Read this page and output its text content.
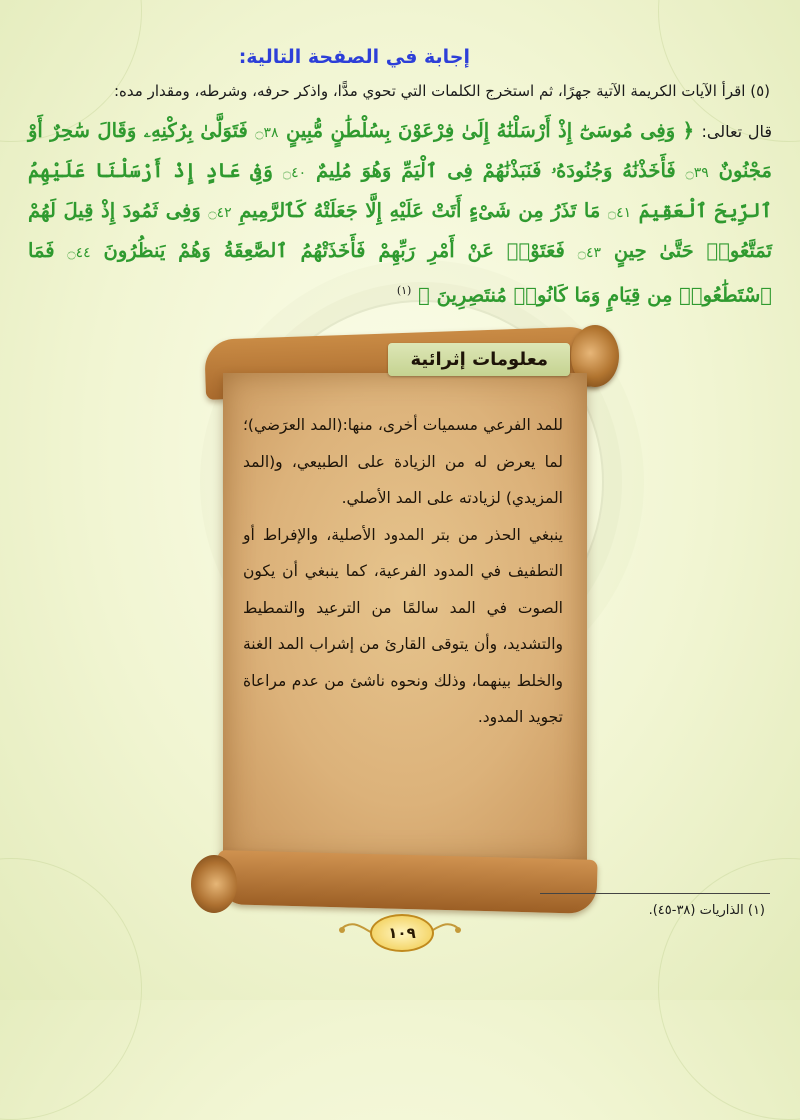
إجابة في الصفحة التالية:
(٥) اقرأ الآيات الكريمة الآتية جهرًا، ثم استخرج الكلمات التي تحوي مدًّا، واذكر حرفه، وشرطه، ومقدار مده:
قال تعالى: ﴿ وَفِى مُوسَىٰٓ إِذْ أَرْسَلْنَٰهُ إِلَىٰ فِرْعَوْنَ بِسُلْطَٰنٍ مُّبِينٍ ۝٣٨ فَتَوَلَّىٰ بِرُكْنِهِۦ وَقَالَ سَٰحِرٌ أَوْ مَجْنُونٌ ۝٣٩ فَأَخَذْنَٰهُ وَجُنُودَهُۥ فَنَبَذْنَٰهُمْ فِى ٱلْيَمِّ وَهُوَ مُلِيمٌ ۝٤٠ وَفِى عَادٍ إِذْ أَرْسَلْنَا عَلَيْهِمُ ٱلرِّيحَ ٱلْعَقِيمَ ۝٤١ مَا تَذَرُ مِن شَىْءٍ أَتَتْ عَلَيْهِ إِلَّا جَعَلَتْهُ كَٱلرَّمِيمِ ۝٤٢ وَفِى ثَمُودَ إِذْ قِيلَ لَهُمْ تَمَتَّعُوا۟ حَتَّىٰ حِينٍ ۝٤٣ فَعَتَوْا۟ عَنْ أَمْرِ رَبِّهِمْ فَأَخَذَتْهُمُ ٱلصَّٰعِقَةُ وَهُمْ يَنظُرُونَ ۝٤٤ فَمَا ٱسْتَطَٰعُوا۟ مِن قِيَامٍ وَمَا كَانُوا۟ مُنتَصِرِينَ ﴾ $^{(١)}$
معلومات إثرائية

للمد الفرعي مسميات أخرى، منها:(المد العرَضي)؛ لما يعرض له من الزيادة على الطبيعي، و(المد المزيدي) لزيادته على المد الأصلي.

ينبغي الحذر من بتر المدود الأصلية، والإفراط أو التطفيف في المدود الفرعية، كما ينبغي أن يكون الصوت في المد سالمًا من الترعيد والتمطيط والتشديد، وأن يتوقى القارئ من إشراب المد الغنة والخلط بينهما، وذلك ونحوه ناشئ من عدم مراعاة تجويد المدود.

(١) الذاريات (٣٨-٤٥).
١٠٩
